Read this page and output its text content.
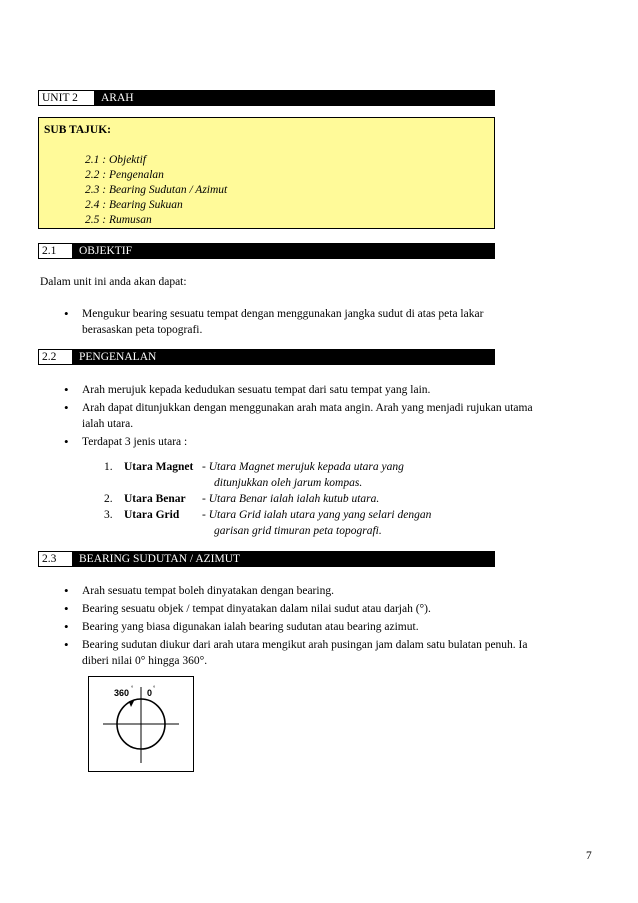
UNIT 2	ARAH
SUB TAJUK:
2.1 : Objektif
2.2 : Pengenalan
2.3 : Bearing Sudutan / Azimut
2.4 : Bearing Sukuan
2.5 : Rumusan
2.1	OBJEKTIF
Dalam unit ini anda akan dapat:
• Mengukur bearing sesuatu tempat dengan menggunakan jangka sudut di atas peta lakar
berasaskan peta topografi.
2.2	PENGENALAN
• Arah merujuk kepada kedudukan sesuatu tempat dari satu tempat yang lain.
• Arah dapat ditunjukkan dengan menggunakan arah mata angin. Arah yang menjadi rujukan utama
ialah utara.
• Terdapat 3 jenis utara :
1. Utara Magnet - Utara Magnet merujuk kepada utara yang
ditunjukkan oleh jarum kompas.
2. Utara Benar - Utara Benar ialah ialah kutub utara.
3. Utara Grid - Utara Grid ialah utara yang yang selari dengan
garisan grid timuran peta topografi.
2.3	BEARING SUDUTAN / AZIMUT
• Arah sesuatu tempat boleh dinyatakan dengan bearing.
• Bearing sesuatu objek / tempat dinyatakan dalam nilai sudut atau darjah (°).
• Bearing yang biasa digunakan ialah bearing sudutan atau bearing azimut.
• Bearing sudutan diukur dari arah utara mengikut arah pusingan jam dalam satu bulatan penuh. Ia
diberi nilai 0° hingga 360°.
360 ° 0 °
7
